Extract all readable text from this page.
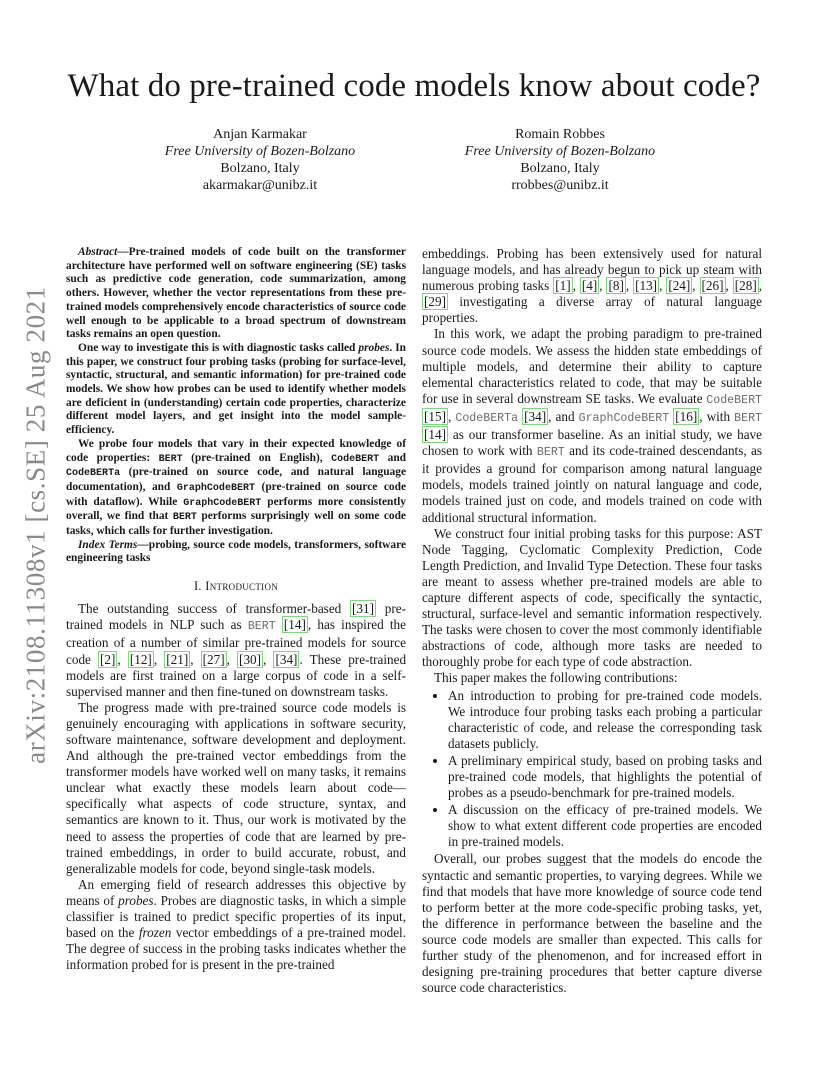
arXiv:2108.11308v1 [cs.SE] 25 Aug 2021
What do pre-trained code models know about code?
Anjan Karmakar
Free University of Bozen-Bolzano
Bolzano, Italy
akarmakar@unibz.it
Romain Robbes
Free University of Bozen-Bolzano
Bolzano, Italy
rrobbes@unibz.it

Abstract—Pre-trained models of code built on the transformer architecture have performed well on software engineering (SE) tasks such as predictive code generation, code summarization, among others. However, whether the vector representations from these pre-trained models comprehensively encode characteristics of source code well enough to be applicable to a broad spectrum of downstream tasks remains an open question.

One way to investigate this is with diagnostic tasks called probes. In this paper, we construct four probing tasks (probing for surface-level, syntactic, structural, and semantic information) for pre-trained code models. We show how probes can be used to identify whether models are deficient in (understanding) certain code properties, characterize different model layers, and get insight into the model sample-efficiency.

We probe four models that vary in their expected knowledge of code properties: BERT (pre-trained on English), CodeBERT and CodeBERTa (pre-trained on source code, and natural language documentation), and GraphCodeBERT (pre-trained on source code with dataflow). While GraphCodeBERT performs more consistently overall, we find that BERT performs surprisingly well on some code tasks, which calls for further investigation.

Index Terms—probing, source code models, transformers, software engineering tasks

I. Introduction

The outstanding success of transformer-based [31] pre-trained models in NLP such as BERT [14] , has inspired the creation of a number of similar pre-trained models for source code [2] , [12] , [21] , [27] , [30] , [34] . These pre-trained models are first trained on a large corpus of code in a self-supervised manner and then fine-tuned on downstream tasks.

The progress made with pre-trained source code models is genuinely encouraging with applications in software security, software maintenance, software development and deployment. And although the pre-trained vector embeddings from the transformer models have worked well on many tasks, it remains unclear what exactly these models learn about code—specifically what aspects of code structure, syntax, and semantics are known to it. Thus, our work is motivated by the need to assess the properties of code that are learned by pre-trained embeddings, in order to build accurate, robust, and generalizable models for code, beyond single-task models.

An emerging field of research addresses this objective by means of probes. Probes are diagnostic tasks, in which a simple classifier is trained to predict specific properties of its input, based on the frozen vector embeddings of a pre-trained model. The degree of success in the probing tasks indicates whether the information probed for is present in the pre-trained

embeddings. Probing has been extensively used for natural language models, and has already begun to pick up steam with numerous probing tasks [1] , [4] , [8] , [13] , [24] , [26] , [28] , [29] investigating a diverse array of natural language properties.

In this work, we adapt the probing paradigm to pre-trained source code models. We assess the hidden state embeddings of multiple models, and determine their ability to capture elemental characteristics related to code, that may be suitable for use in several downstream SE tasks. We evaluate CodeBERT [15] , CodeBERTa [34] , and GraphCodeBERT [16] , with BERT [14] as our transformer baseline. As an initial study, we have chosen to work with BERT and its code-trained descendants, as it provides a ground for comparison among natural language models, models trained jointly on natural language and code, models trained just on code, and models trained on code with additional structural information.

We construct four initial probing tasks for this purpose: AST Node Tagging, Cyclomatic Complexity Prediction, Code Length Prediction, and Invalid Type Detection. These four tasks are meant to assess whether pre-trained models are able to capture different aspects of code, specifically the syntactic, structural, surface-level and semantic information respectively. The tasks were chosen to cover the most commonly identifiable abstractions of code, although more tasks are needed to thoroughly probe for each type of code abstraction.

This paper makes the following contributions:

• An introduction to probing for pre-trained code models. We introduce four probing tasks each probing a particular characteristic of code, and release the corresponding task datasets publicly.
• A preliminary empirical study, based on probing tasks and pre-trained code models, that highlights the potential of probes as a pseudo-benchmark for pre-trained models.
• A discussion on the efficacy of pre-trained models. We show to what extent different code properties are encoded in pre-trained models.

Overall, our probes suggest that the models do encode the syntactic and semantic properties, to varying degrees. While we find that models that have more knowledge of source code tend to perform better at the more code-specific probing tasks, yet, the difference in performance between the baseline and the source code models are smaller than expected. This calls for further study of the phenomenon, and for increased effort in designing pre-training procedures that better capture diverse source code characteristics.
